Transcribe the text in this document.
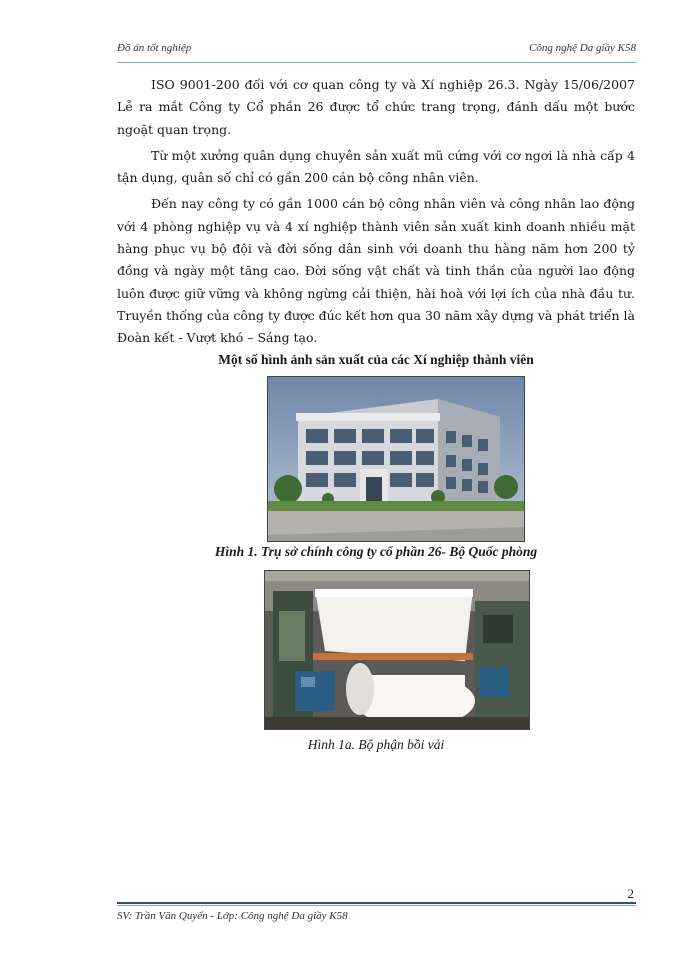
Đồ án tốt nghiệp	Công nghệ Da giầy K58

ISO 9001-200 đối với cơ quan công ty và Xí nghiệp 26.3. Ngày 15/06/2007 Lễ ra mắt Công ty Cổ phần 26 được tổ chức trang trọng, đánh dấu một bước ngoặt quan trọng.

Từ một xưởng quân dụng chuyên sản xuất mũ cứng với cơ ngơi là nhà cấp 4 tận dụng, quân số chỉ có gần 200 cán bộ công nhân viên.

Đến nay công ty có gần 1000 cán bộ công nhân viên và công nhân lao động với 4 phòng nghiệp vụ và 4 xí nghiệp thành viên sản xuất kinh doanh nhiều mặt hàng phục vụ bộ đội và đời sống dân sinh với doanh thu hàng năm hơn 200 tỷ đồng và ngày một tăng cao. Đời sống vật chất và tinh thần của người lao động luôn được giữ vững và không ngừng cải thiện, hài hoà với lợi ích của nhà đầu tư. Truyền thống của công ty được đúc kết hơn qua 30 năm xây dựng và phát triển là Đoàn kết - Vượt khó – Sáng tạo.

Một số hình ảnh sản xuất của các Xí nghiệp thành viên
Hình 1. Trụ sở chính công ty cổ phần 26- Bộ Quốc phòng
Hình 1a. Bộ phận bồi vải
2
SV: Trần Văn Quyển - Lớp: Công nghệ Da giầy K58
